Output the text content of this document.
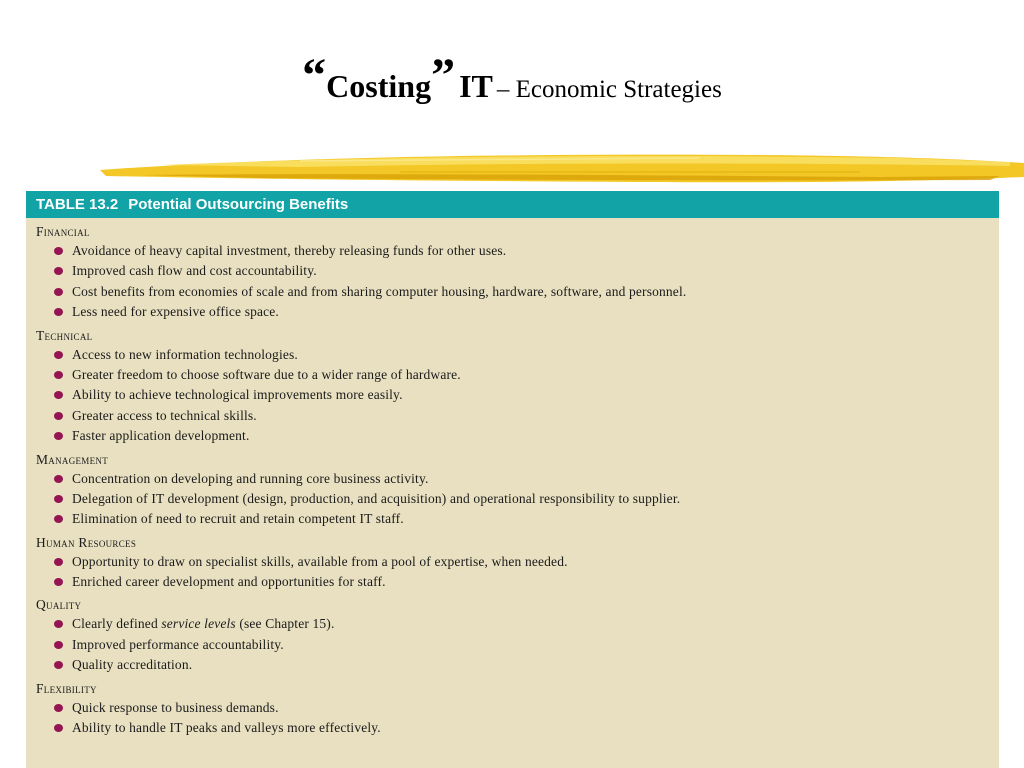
“Costing” IT – Economic Strategies
TABLE 13.2 Potential Outsourcing Benefits
Financial
Avoidance of heavy capital investment, thereby releasing funds for other uses.
Improved cash flow and cost accountability.
Cost benefits from economies of scale and from sharing computer housing, hardware, software, and personnel.
Less need for expensive office space.
Technical
Access to new information technologies.
Greater freedom to choose software due to a wider range of hardware.
Ability to achieve technological improvements more easily.
Greater access to technical skills.
Faster application development.
Management
Concentration on developing and running core business activity.
Delegation of IT development (design, production, and acquisition) and operational responsibility to supplier.
Elimination of need to recruit and retain competent IT staff.
Human Resources
Opportunity to draw on specialist skills, available from a pool of expertise, when needed.
Enriched career development and opportunities for staff.
Quality
Clearly defined service levels (see Chapter 15).
Improved performance accountability.
Quality accreditation.
Flexibility
Quick response to business demands.
Ability to handle IT peaks and valleys more effectively.
